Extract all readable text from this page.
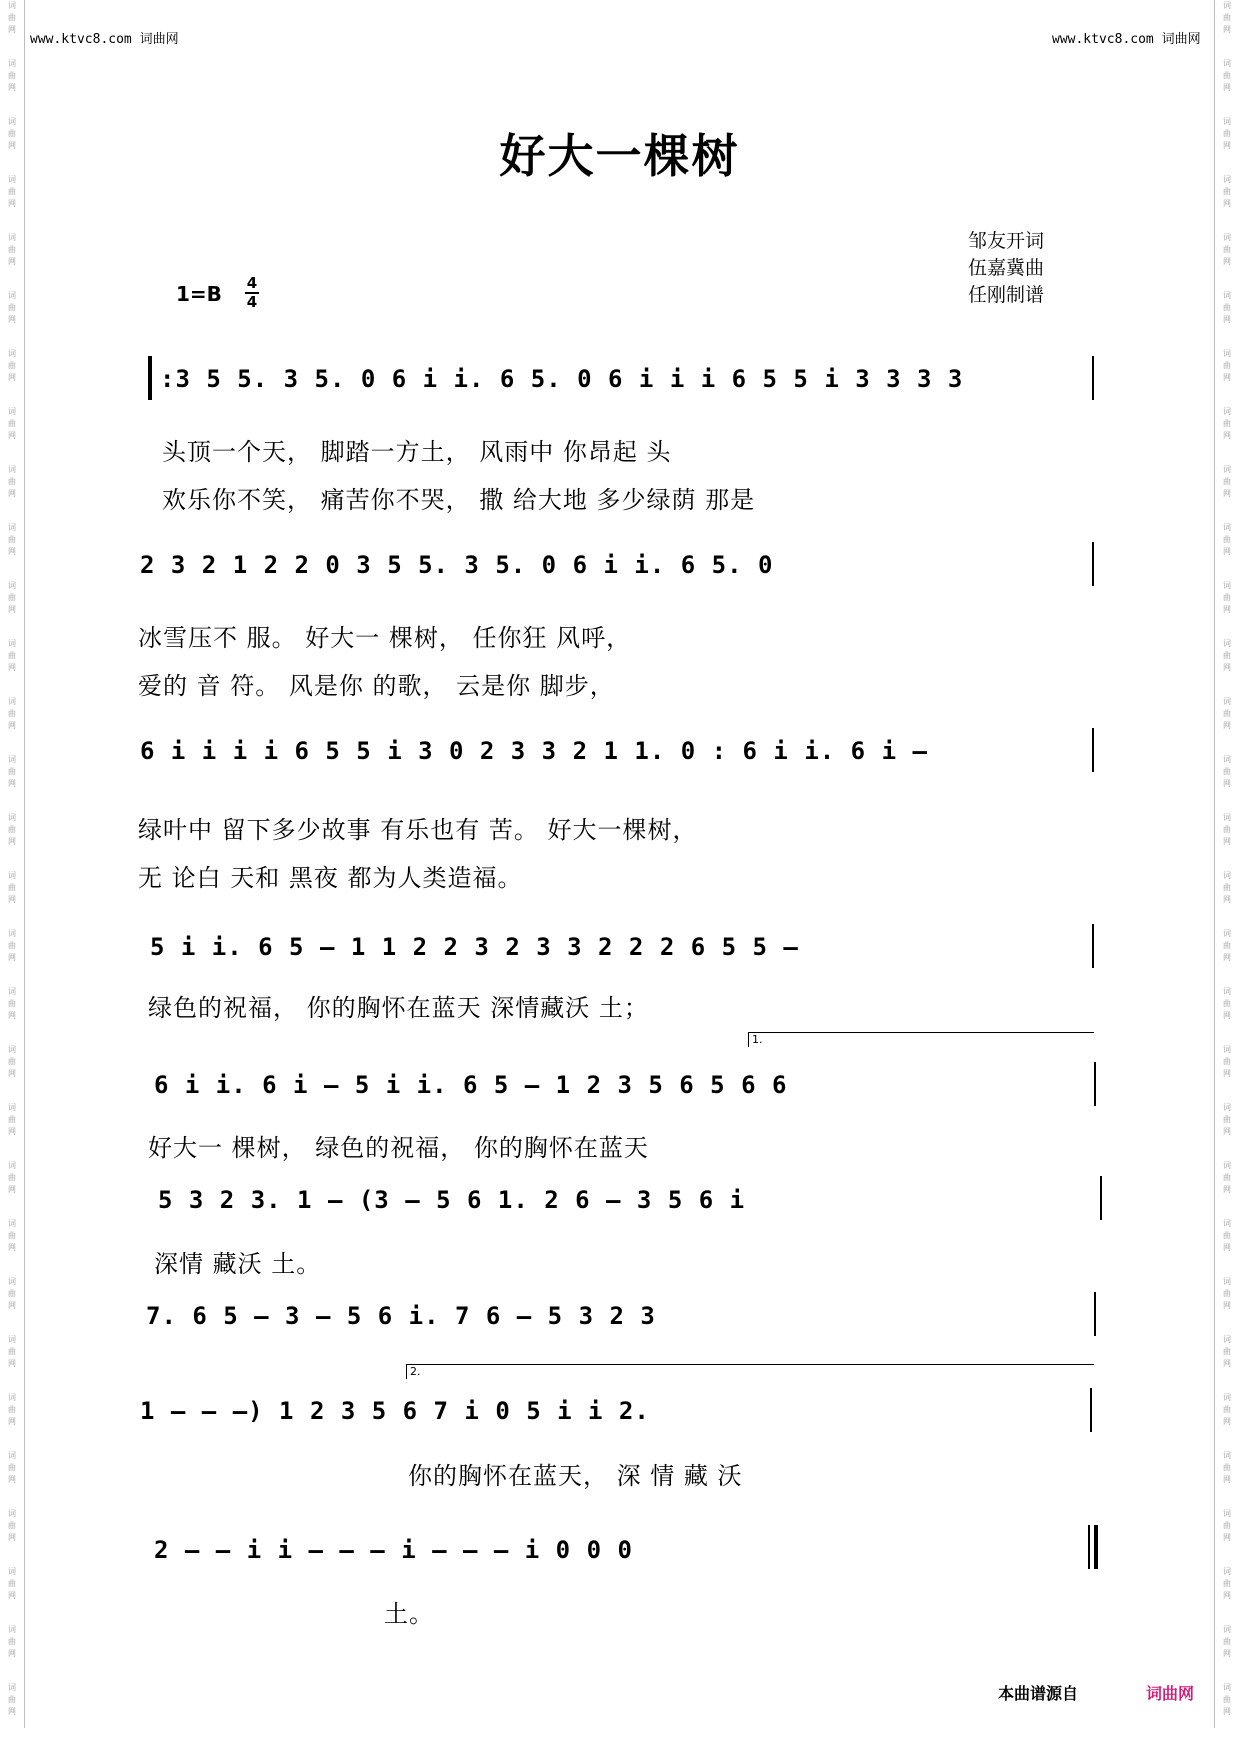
词
曲
网
词
曲
网
词
曲
网
词
曲
网
词
曲
网
词
曲
网
词
曲
网
词
曲
网
词
曲
网
词
曲
网
词
曲
网
词
曲
网
词
曲
网
词
曲
网
词
曲
网
词
曲
网
词
曲
网
词
曲
网
词
曲
网
词
曲
网
词
曲
网
词
曲
网
词
曲
网
词
曲
网
词
曲
网
词
曲
网
词
曲
网
词
曲
网
词
曲
网
词
曲
网
词
曲
网
词
曲
网
词
曲
网
词
曲
网
词
曲
网
词
曲
网
词
曲
网
词
曲
网
词
曲
网
词
曲
网
词
曲
网
词
曲
网
词
曲
网
词
曲
网
词
曲
网
词
曲
网
词
曲
网
词
曲
网
词
曲
网
词
曲
网
词
曲
网
词
曲
网
词
曲
网
词
曲
网
词
曲
网
词
曲
网
词
曲
网
词
曲
网
词
曲
网
词
曲
网
www.ktvc8.com 词曲网	www.ktvc8.com 词曲网
好大一棵树
邹友开词
伍嘉冀曲
任刚制谱
1=B 4
4
:3 5 5. 3 5. 0 6 i i. 6 5. 0 6 i i i 6 5 5 i 3 3 3 3
头顶一个天， 脚踏一方土， 风雨中 你昂起 头
欢乐你不笑， 痛苦你不哭， 撒 给大地 多少绿荫 那是
2 3 2 1 2 2 0 3 5 5. 3 5. 0 6 i i. 6 5. 0
冰雪压不 服。 好大一 棵树， 任你狂 风呼，
爱的 音 符。 风是你 的歌， 云是你 脚步，
6 i i i i 6 5 5 i 3 0 2 3 3 2 1 1. 0 : 6 i i. 6 i –
绿叶中 留下多少故事 有乐也有 苦。 好大一棵树，
无 论白 天和 黑夜 都为人类造福。
5 i i. 6 5 – 1 1 2 2 3 2 3 3 2 2 2 6 5 5 –
绿色的祝福， 你的胸怀在蓝天 深情藏沃 土；
1.
6 i i. 6 i – 5 i i. 6 5 – 1 2 3 5 6 5 6 6
好大一 棵树， 绿色的祝福， 你的胸怀在蓝天
5 3 2 3. 1 – (3 – 5 6 1. 2 6 – 3 5 6 i
深情 藏沃 土。
7. 6 5 – 3 – 5 6 i. 7 6 – 5 3 2 3
2.
1 – – –) 1 2 3 5 6 7 i 0 5 i i 2.
你的胸怀在蓝天， 深 情 藏 沃
2 – – i i – – – i – – – i 0 0 0
土。
本曲谱源自	词曲网
